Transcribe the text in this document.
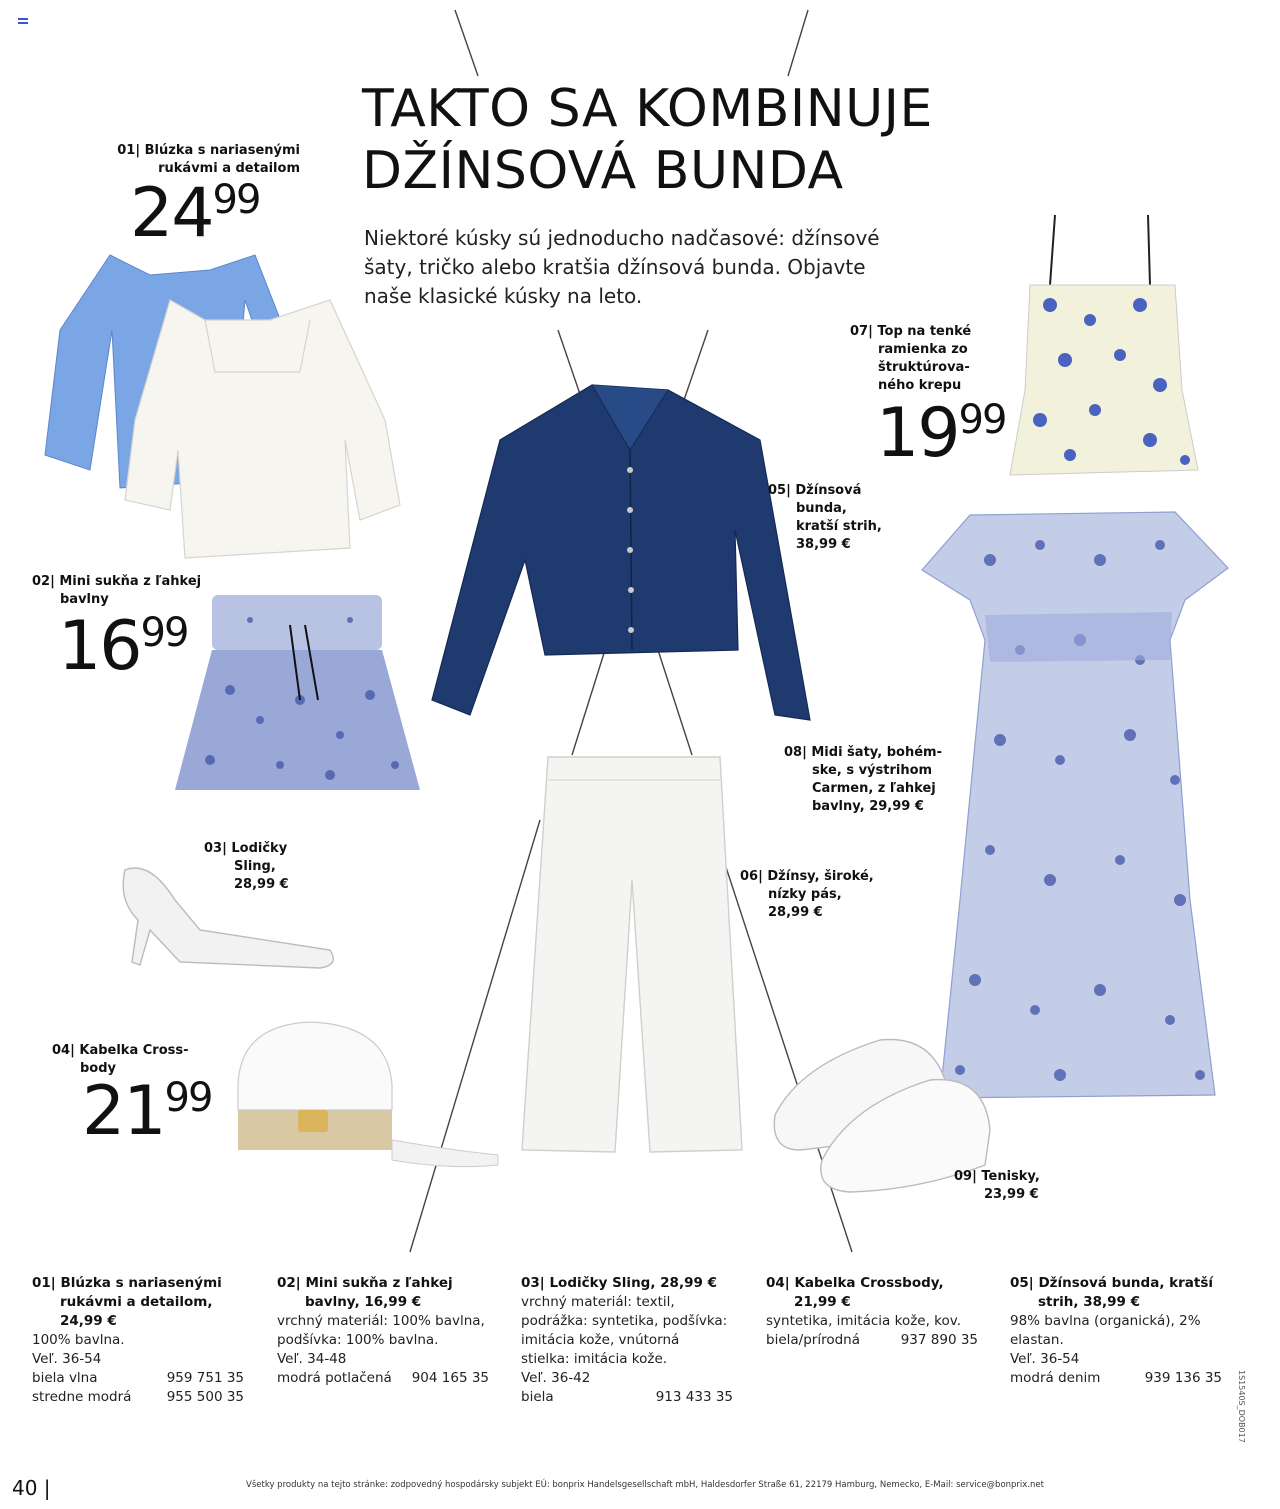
TAKTO SA KOMBINUJE
DŽÍNSOVÁ BUNDA
Niektoré kúsky sú jednoducho nadčasové: džínsové šaty, tričko alebo kratšia džínsová bunda. Objavte naše klasické kúsky na leto.
01| Blúzka s nariasenými
rukávmi a detailom
2499
02| Mini sukňa z ľahkej
bavlny
1699
03| Lodičky
Sling,
28,99 €
04| Kabelka Cross-
body
2199
05| Džínsová
bunda,
kratší strih,
38,99 €
06| Džínsy, široké,
nízky pás,
28,99 €
07| Top na tenké
ramienka zo
štruktúrova-
ného krepu
1999
08| Midi šaty, bohém-
ske, s výstrihom
Carmen, z ľahkej
bavlny, 29,99 €
09| Tenisky,
23,99 €
01| Blúzka s nariasenými
rukávmi a detailom,
24,99 €
100% bavlna.
Veľ. 36-54
biela vlna	959 751 35
stredne modrá	955 500 35
02| Mini sukňa z ľahkej
bavlny, 16,99 €
vrchný materiál: 100% bavlna,
podšívka: 100% bavlna.
Veľ. 34-48
modrá potlačená 904 165 35
03| Lodičky Sling, 28,99 €
vrchný materiál: textil,
podrážka: syntetika, podšívka:
imitácia kože, vnútorná
stielka: imitácia kože.
Veľ. 36-42
biela	913 433 35
04| Kabelka Crossbody,
21,99 €
syntetika, imitácia kože, kov.
biela/prírodná	937 890 35
05| Džínsová bunda, kratší
strih, 38,99 €
98% bavlna (organická), 2%
elastan.
Veľ. 36-54
modrá denim	939 136 35
40 |	Všetky produkty na tejto stránke: zodpovedný hospodársky subjekt EÚ: bonprix Handelsgesellschaft mbH, Haldesdorfer Straße 61, 22179 Hamburg, Nemecko, E-Mail: service@bonprix.net
1S1540S_DOB017
